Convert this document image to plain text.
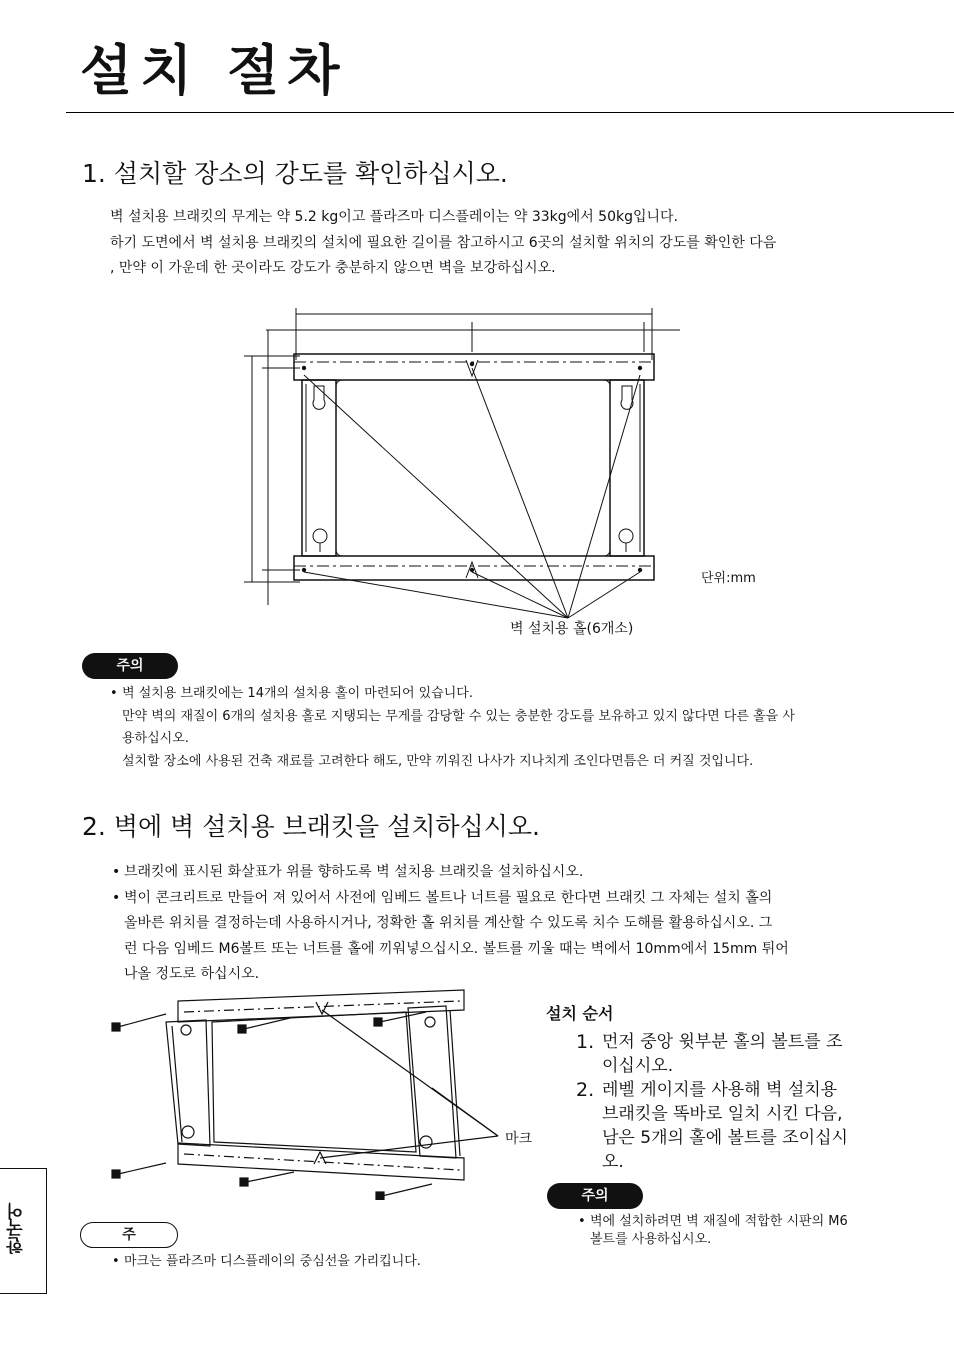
설치 절차
1. 설치할 장소의 강도를 확인하십시오.

벽 설치용 브래킷의 무게는 약 5.2 kg이고 플라즈마 디스플레이는 약 33kg에서 50kg입니다.

하기 도면에서 벽 설치용 브래킷의 설치에 필요한 길이를 참고하시고 6곳의 설치할 위치의 강도를 확인한 다음

, 만약 이 가운데 한 곳이라도 강도가 충분하지 않으면 벽을 보강하십시오.

단위:mm
벽 설치용 홀(6개소)
주의

• 벽 설치용 브래킷에는 14개의 설치용 홀이 마련되어 있습니다.

만약 벽의 재질이 6개의 설치용 홀로 지탱되는 무게를 감당할 수 있는 충분한 강도를 보유하고 있지 않다면 다른 홀을 사

용하십시오.

설치할 장소에 사용된 건축 재료를 고려한다 해도, 만약 끼워진 나사가 지나치게 조인다면틈은 더 커질 것입니다.

2. 벽에 벽 설치용 브래킷을 설치하십시오.

• 브래킷에 표시된 화살표가 위를 향하도록 벽 설치용 브래킷을 설치하십시오.

• 벽이 콘크리트로 만들어 져 있어서 사전에 임베드 볼트나 너트를 필요로 한다면 브래킷 그 자체는 설치 홀의

올바른 위치를 결정하는데 사용하시거나, 정확한 홀 위치를 계산할 수 있도록 치수 도해를 활용하십시오. 그

런 다음 임베드 M6볼트 또는 너트를 홀에 끼워넣으십시오. 볼트를 끼울 때는 벽에서 10mm에서 15mm 튀어

나올 정도로 하십시오.

마크

설치 순서

1. 먼저 중앙 윗부분 홀의 볼트를 조
이십시오.
2. 레벨 게이지를 사용해 벽 설치용
브래킷을 똑바로 일치 시킨 다음,
남은 5개의 홀에 볼트를 조이십시
오.
주의
• 벽에 설치하려면 벽 재질에 적합한 시판의 M6
볼트를 사용하십시오.
주
• 마크는 플라즈마 디스플레이의 중심선을 가리킵니다.
한국어
